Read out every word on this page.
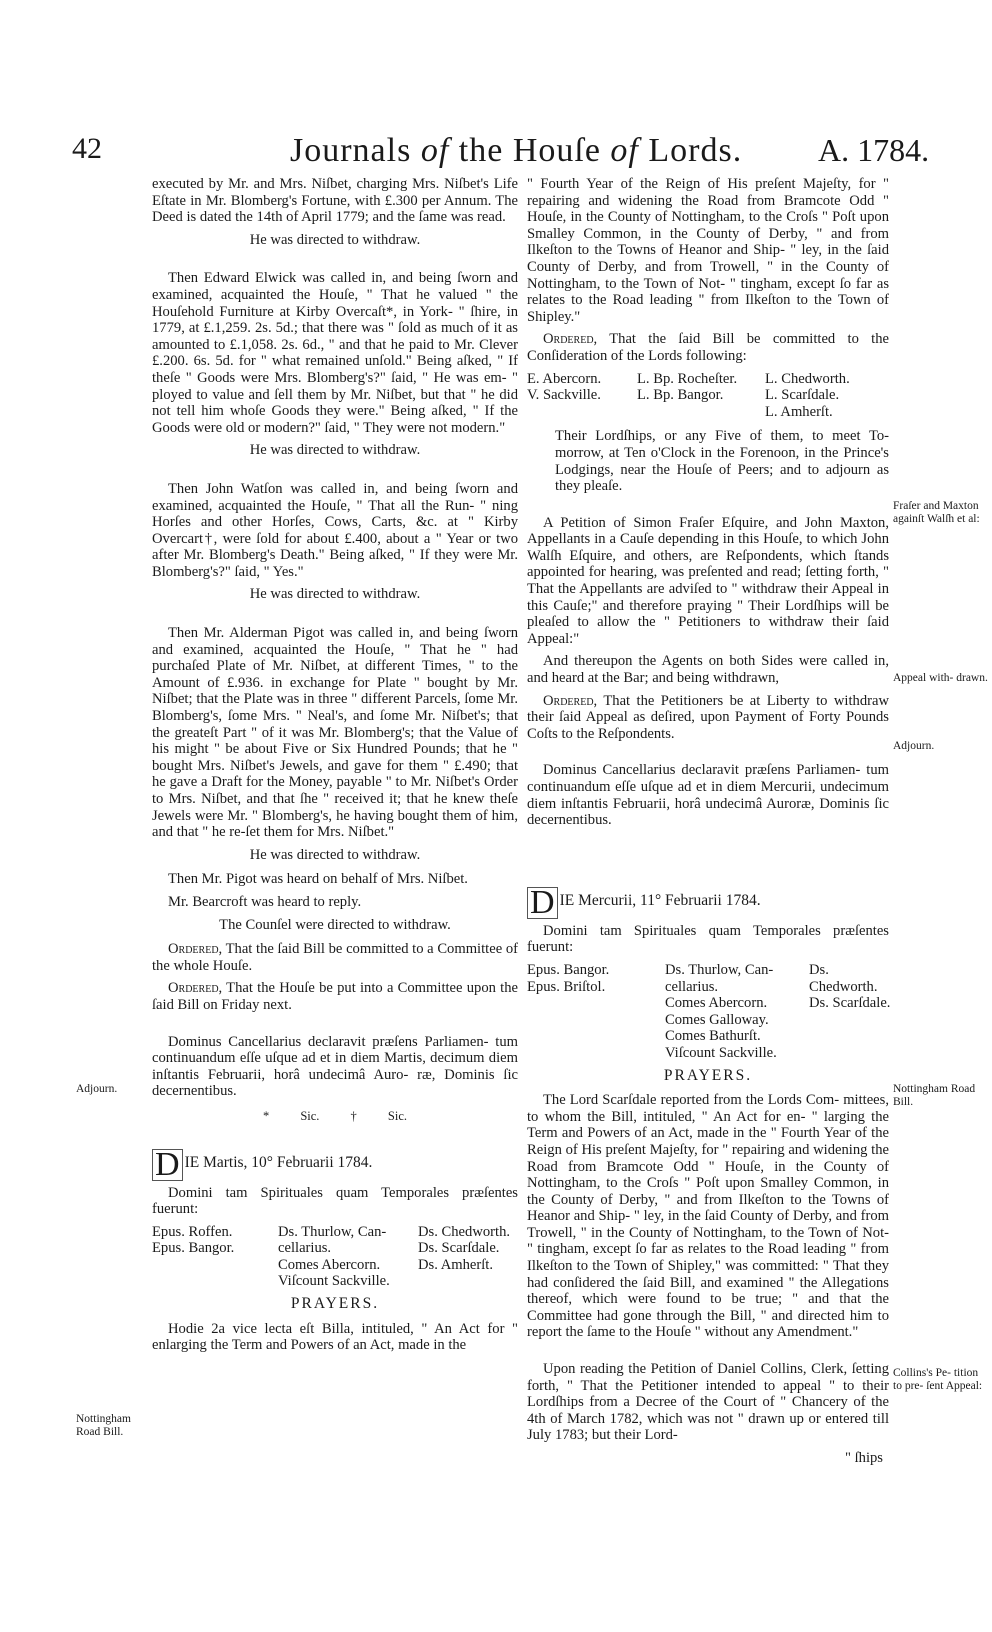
42	Journals of the Houſe of Lords. A. 1784.

executed by Mr. and Mrs. Niſbet, charging Mrs. Niſbet's Life Eſtate in Mr. Blomberg's Fortune, with £.300 per Annum. The Deed is dated the 14th of April 1779; and the ſame was read.

He was directed to withdraw.

Then Edward Elwick was called in, and being ſworn and examined, acquainted the Houſe, " That he valued " the Houſehold Furniture at Kirby Overcaſt*, in York- " ſhire, in 1779, at £.1,259. 2s. 5d.; that there was " ſold as much of it as amounted to £.1,058. 2s. 6d., " and that he paid to Mr. Clever £.200. 6s. 5d. for " what remained unſold." Being aſked, " If theſe " Goods were Mrs. Blomberg's?" ſaid, " He was em- " ployed to value and ſell them by Mr. Niſbet, but that " he did not tell him whoſe Goods they were." Being aſked, " If the Goods were old or modern?" ſaid, " They were not modern."

He was directed to withdraw.

Then John Watſon was called in, and being ſworn and examined, acquainted the Houſe, " That all the Run- " ning Horſes and other Horſes, Cows, Carts, &c. at " Kirby Overcart†, were ſold for about £.400, about a " Year or two after Mr. Blomberg's Death." Being aſked, " If they were Mr. Blomberg's?" ſaid, " Yes."

He was directed to withdraw.

Then Mr. Alderman Pigot was called in, and being ſworn and examined, acquainted the Houſe, " That he " had purchaſed Plate of Mr. Niſbet, at different Times, " to the Amount of £.936. in exchange for Plate " bought by Mr. Niſbet; that the Plate was in three " different Parcels, ſome Mr. Blomberg's, ſome Mrs. " Neal's, and ſome Mr. Niſbet's; that the greateſt Part " of it was Mr. Blomberg's; that the Value of his might " be about Five or Six Hundred Pounds; that he " bought Mrs. Niſbet's Jewels, and gave for them " £.490; that he gave a Draft for the Money, payable " to Mr. Niſbet's Order to Mrs. Niſbet, and that ſhe " received it; that he knew theſe Jewels were Mr. " Blomberg's, he having bought them of him, and that " he re-ſet them for Mrs. Niſbet."

He was directed to withdraw.

Then Mr. Pigot was heard on behalf of Mrs. Niſbet.

Mr. Bearcroft was heard to reply.

The Counſel were directed to withdraw.

Ordered, That the ſaid Bill be committed to a Committee of the whole Houſe.

Ordered, That the Houſe be put into a Committee upon the ſaid Bill on Friday next.

Dominus Cancellarius declaravit præſens Parliamen- tum continuandum eſſe uſque ad et in diem Martis, decimum diem inſtantis Februarii, horâ undecimâ Auro- ræ, Dominis ſic decernentibus.

* Sic. † Sic.
D IE Martis, 10° Februarii 1784.

Domini tam Spirituales quam Temporales præſentes fuerunt:

Epus. Roffen.
Epus. Bangor.
Ds. Thurlow, Can-
cellarius.
Comes Abercorn.
Viſcount Sackville.
Ds. Chedworth.
Ds. Scarſdale.
Ds. Amherſt.
PRAYERS.

Hodie 2a vice lecta eſt Billa, intituled, " An Act for " enlarging the Term and Powers of an Act, made in the

" Fourth Year of the Reign of His preſent Majeſty, for " repairing and widening the Road from Bramcote Odd " Houſe, in the County of Nottingham, to the Croſs " Poſt upon Smalley Common, in the County of Derby, " and from Ilkeſton to the Towns of Heanor and Ship- " ley, in the ſaid County of Derby, and from Trowell, " in the County of Nottingham, to the Town of Not- " tingham, except ſo far as relates to the Road leading " from Ilkeſton to the Town of Shipley."

Ordered, That the ſaid Bill be committed to the Conſideration of the Lords following:

E. Abercorn.
V. Sackville.
L. Bp. Rocheſter.
L. Bp. Bangor.
L. Chedworth.
L. Scarſdale.
L. Amherſt.

Their Lordſhips, or any Five of them, to meet To-morrow, at Ten o'Clock in the Forenoon, in the Prince's Lodgings, near the Houſe of Peers; and to adjourn as they pleaſe.

A Petition of Simon Fraſer Eſquire, and John Maxton, Appellants in a Cauſe depending in this Houſe, to which John Walſh Eſquire, and others, are Reſpondents, which ſtands appointed for hearing, was preſented and read; ſetting forth, " That the Appellants are adviſed to " withdraw their Appeal in this Cauſe;" and therefore praying " Their Lordſhips will be pleaſed to allow the " Petitioners to withdraw their ſaid Appeal:"

And thereupon the Agents on both Sides were called in, and heard at the Bar; and being withdrawn,

Ordered, That the Petitioners be at Liberty to withdraw their ſaid Appeal as deſired, upon Payment of Forty Pounds Coſts to the Reſpondents.

Dominus Cancellarius declaravit præſens Parliamen- tum continuandum eſſe uſque ad et in diem Mercurii, undecimum diem inſtantis Februarii, horâ undecimâ Auroræ, Dominis ſic decernentibus.

D IE Mercurii, 11° Februarii 1784.

Domini tam Spirituales quam Temporales præſentes fuerunt:

Epus. Bangor.
Epus. Briſtol.
Ds. Thurlow, Can-
cellarius.
Comes Abercorn.
Comes Galloway.
Comes Bathurſt.
Viſcount Sackville.
Ds. Chedworth.
Ds. Scarſdale.
PRAYERS.

The Lord Scarſdale reported from the Lords Com- mittees, to whom the Bill, intituled, " An Act for en- " larging the Term and Powers of an Act, made in the " Fourth Year of the Reign of His preſent Majeſty, for " repairing and widening the Road from Bramcote Odd " Houſe, in the County of Nottingham, to the Croſs " Poſt upon Smalley Common, in the County of Derby, " and from Ilkeſton to the Towns of Heanor and Ship- " ley, in the ſaid County of Derby, and from Trowell, " in the County of Nottingham, to the Town of Not- " tingham, except ſo far as relates to the Road leading " from Ilkeſton to the Town of Shipley," was committed: " That they had conſidered the ſaid Bill, and examined " the Allegations thereof, which were found to be true; " and that the Committee had gone through the Bill, " and directed him to report the ſame to the Houſe " without any Amendment."

Upon reading the Petition of Daniel Collins, Clerk, ſetting forth, " That the Petitioner intended to appeal " to their Lordſhips from a Decree of the Court of " Chancery of the 4th of March 1782, which was not " drawn up or entered till July 1783; but their Lord-

" ſhips
Adjourn.
Nottingham Road Bill.
Fraſer and Maxton againſt Walſh et al:
Appeal with- drawn.
Adjourn.
Nottingham Road Bill.
Collins's Pe- tition to pre- ſent Appeal:
